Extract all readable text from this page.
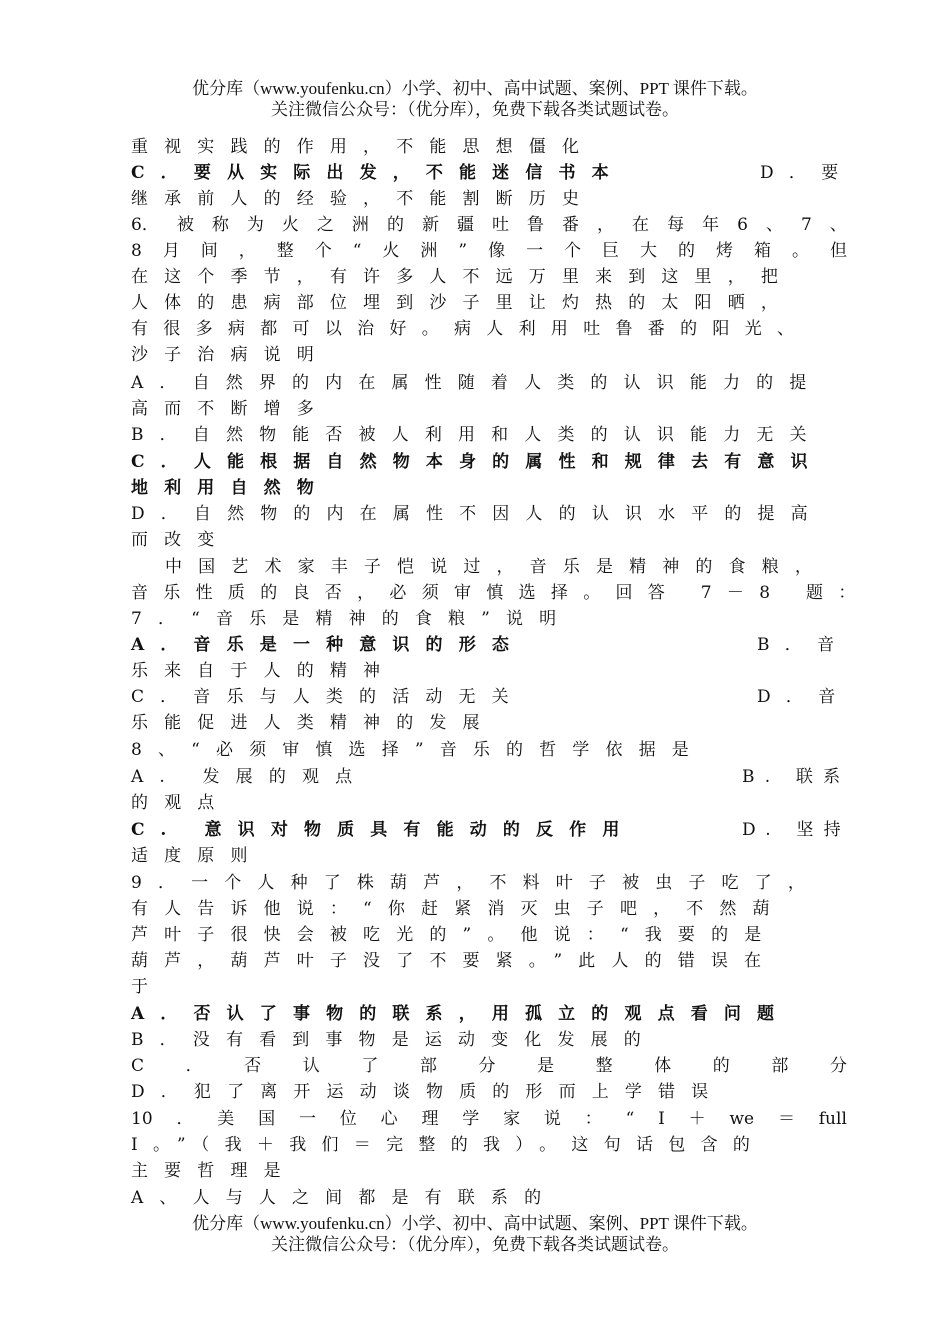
优分库（www.youfenku.cn）小学、初中、高中试题、案例、PPT 课件下载。
关注微信公众号：（优分库），免费下载各类试题试卷。
重视实践的作用，不能思想僵化
C．要从实际出发，不能迷信书本	D．要
继承前人的经验，不能割断历史
6． 被 称 为 火 之 洲 的 新 疆 吐 鲁 番 ， 在 每 年 6 、 7 、
8 月 间 ， 整 个 “ 火 洲 ” 像 一 个 巨 大 的 烤 箱 。 但
在这个季节，有许多人不远万里来到这里，把
人体的患病部位埋到沙子里让灼热的太阳晒，
有很多病都可以治好。病人利用吐鲁番的阳光、
沙子治病说明
A．自然界的内在属性随着人类的认识能力的提
高而不断增多
B．自然物能否被人利用和人类的认识能力无关
C．人能根据自然物本身的属性和规律去有意识
地利用自然物
D．自然物的内在属性不因人的认识水平的提高
而改变
中国艺术家丰子恺说过，音乐是精神的食粮，
音乐性质的良否，必须审慎选择。回答 7－8 题：
7．“音乐是精神的食粮”说明
A．音乐是一种意识的形态	B．音
乐来自于人的精神
C．音乐与人类的活动无关	D．音
乐能促进人类精神的发展
8、“必须审慎选择”音乐的哲学依据是
A. 发展的观点	B. 联系
的观点
C. 意识对物质具有能动的反作用	D. 坚持
适度原则
9．一个人种了株葫芦，不料叶子被虫子吃了，
有人告诉他说：“你赶紧消灭虫子吧，不然葫
芦叶子很快会被吃光的”。他说：“我要的是
葫芦，葫芦叶子没了不要紧。”此人的错误在
于
A．否认了事物的联系，用孤立的观点看问题
B．没有看到事物是运动变化发展的
C ． 否 认 了 部 分 是 整 体 的 部 分
D．犯了离开运动谈物质的形而上学错误
10 ． 美 国 一 位 心 理 学 家 说 ： “ I ＋ we ＝ full
I。”（我＋我们＝完整的我）。这句话包含的
主要哲理是
A、人与人之间都是有联系的
优分库（www.youfenku.cn）小学、初中、高中试题、案例、PPT 课件下载。
关注微信公众号：（优分库），免费下载各类试题试卷。
